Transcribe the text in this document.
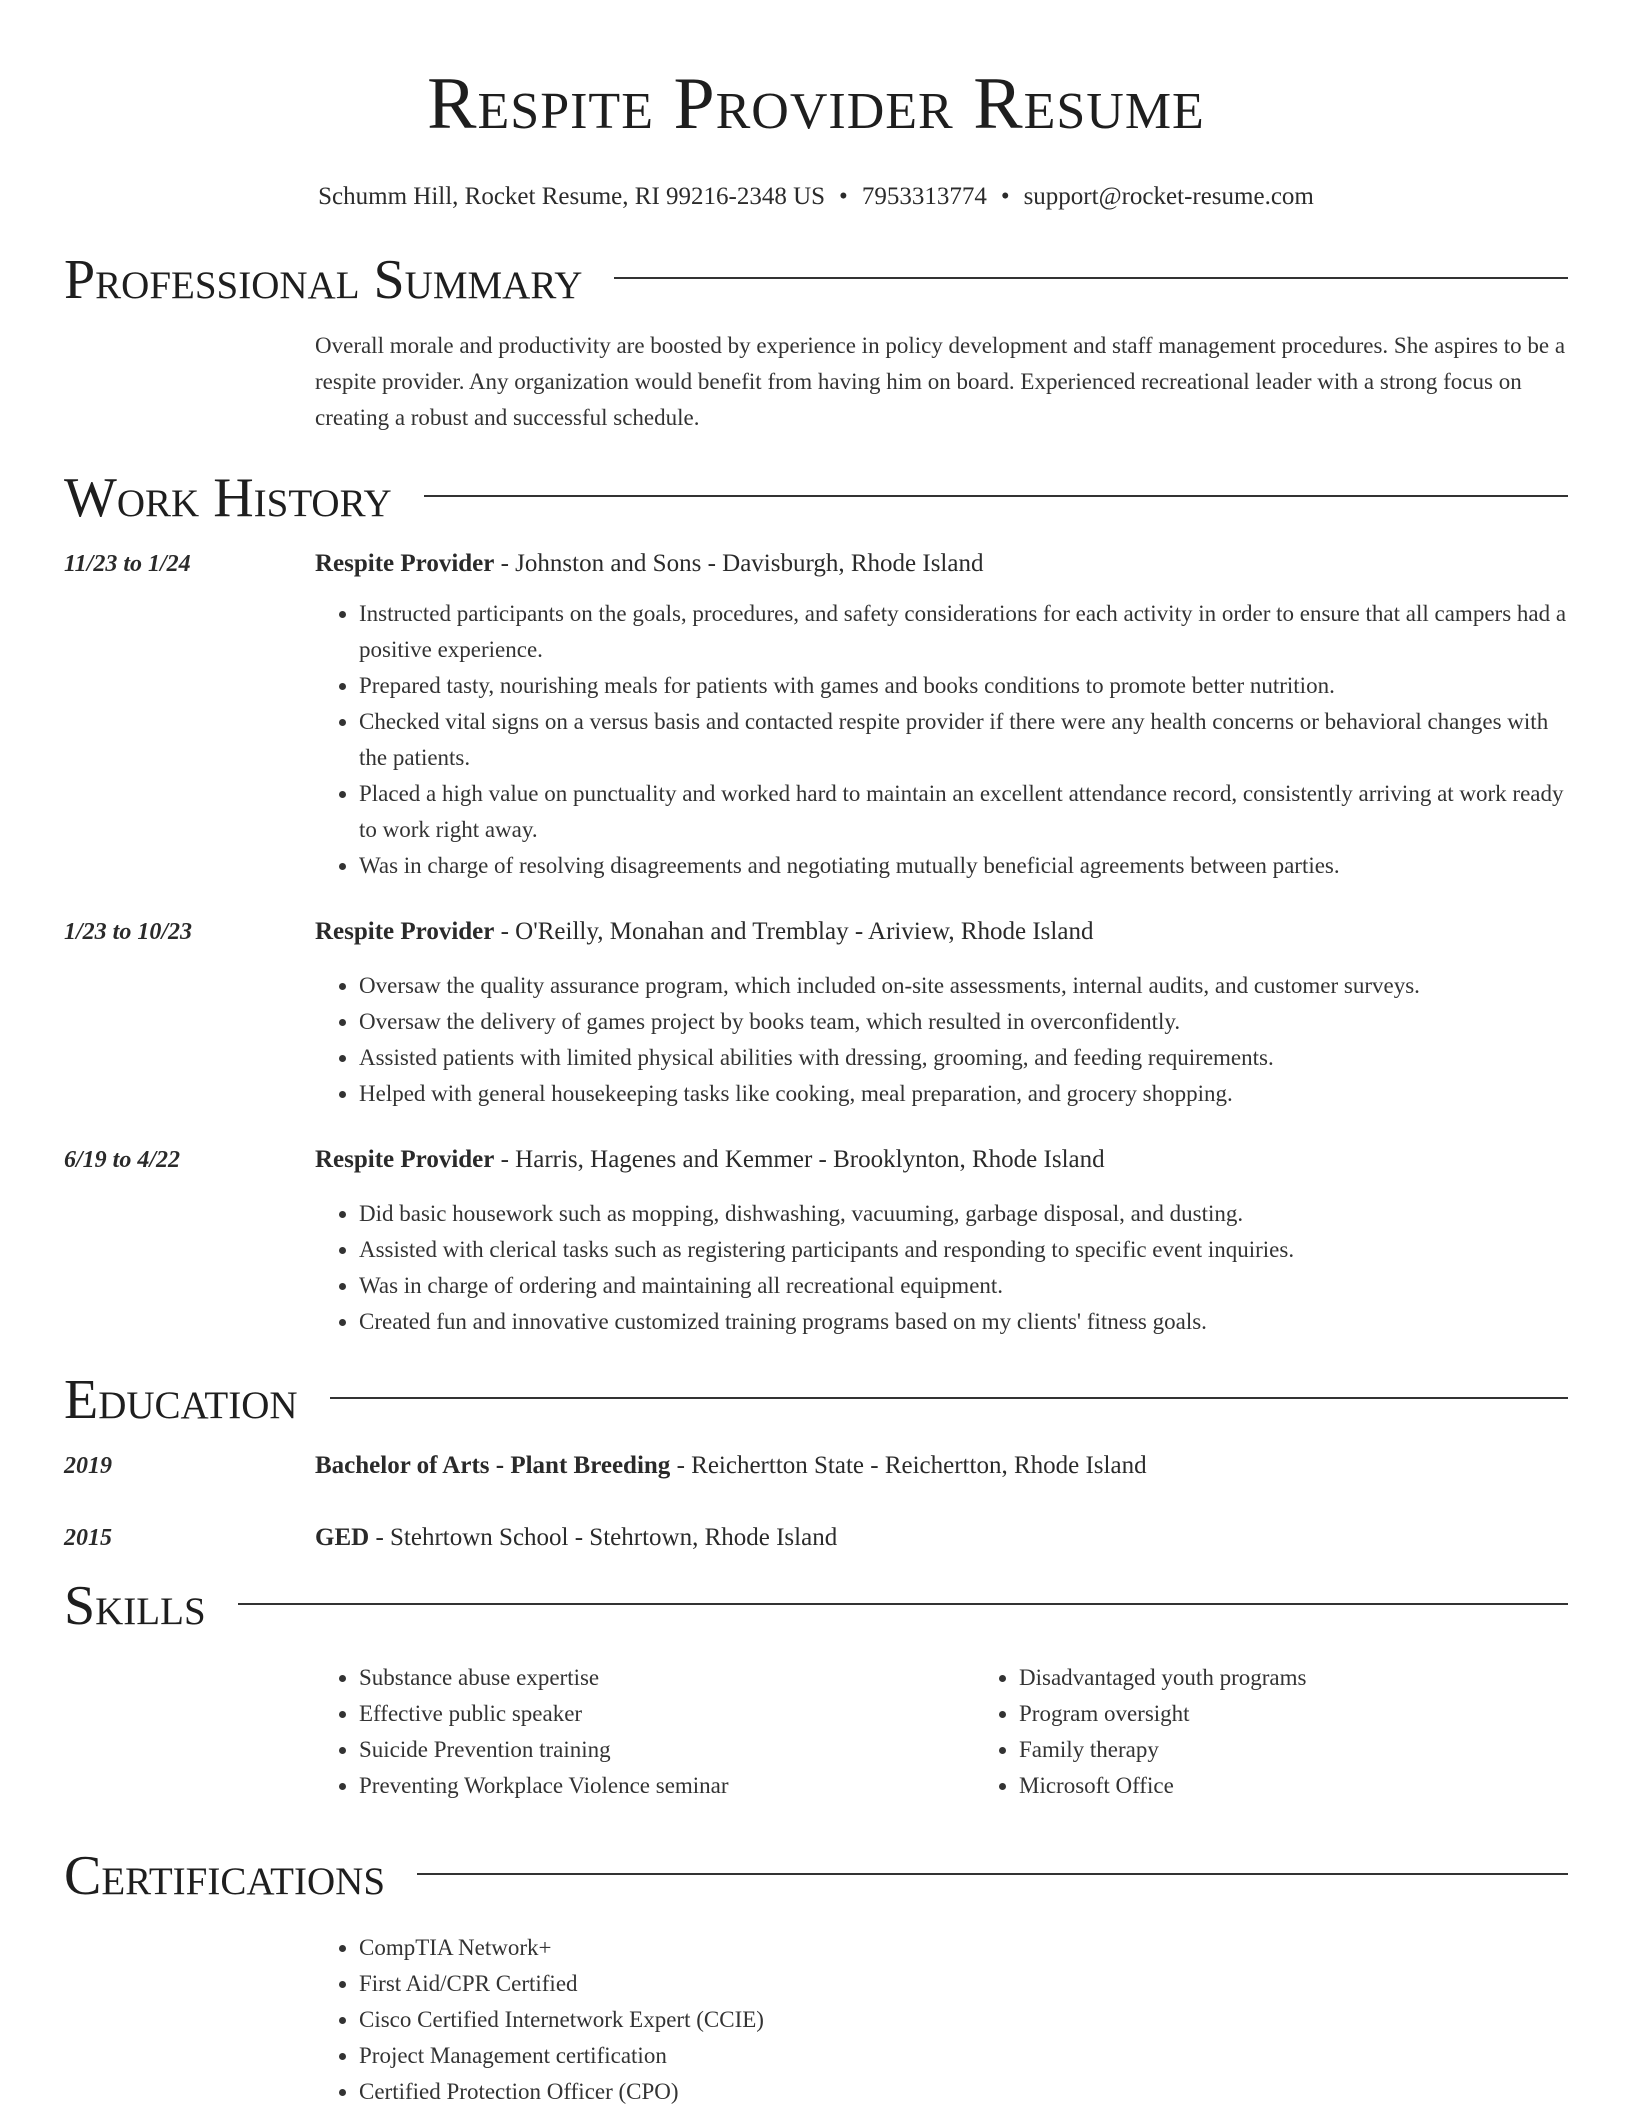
Respite Provider Resume
Schumm Hill, Rocket Resume, RI 99216-2348 US • 7953313774 • support@rocket-resume.com
Professional Summary
Overall morale and productivity are boosted by experience in policy development and staff management procedures. She aspires to be a respite provider. Any organization would benefit from having him on board. Experienced recreational leader with a strong focus on creating a robust and successful schedule.
Work History
11/23 to 1/24	Respite Provider - Johnston and Sons - Davisburgh, Rhode Island
• Instructed participants on the goals, procedures, and safety considerations for each activity in order to ensure that all campers had a positive experience.
• Prepared tasty, nourishing meals for patients with games and books conditions to promote better nutrition.
• Checked vital signs on a versus basis and contacted respite provider if there were any health concerns or behavioral changes with the patients.
• Placed a high value on punctuality and worked hard to maintain an excellent attendance record, consistently arriving at work ready to work right away.
• Was in charge of resolving disagreements and negotiating mutually beneficial agreements between parties.
1/23 to 10/23	Respite Provider - O'Reilly, Monahan and Tremblay - Ariview, Rhode Island
• Oversaw the quality assurance program, which included on-site assessments, internal audits, and customer surveys.
• Oversaw the delivery of games project by books team, which resulted in overconfidently.
• Assisted patients with limited physical abilities with dressing, grooming, and feeding requirements.
• Helped with general housekeeping tasks like cooking, meal preparation, and grocery shopping.
6/19 to 4/22	Respite Provider - Harris, Hagenes and Kemmer - Brooklynton, Rhode Island
• Did basic housework such as mopping, dishwashing, vacuuming, garbage disposal, and dusting.
• Assisted with clerical tasks such as registering participants and responding to specific event inquiries.
• Was in charge of ordering and maintaining all recreational equipment.
• Created fun and innovative customized training programs based on my clients' fitness goals.
Education
2019	Bachelor of Arts - Plant Breeding - Reichertton State - Reichertton, Rhode Island
2015	GED - Stehrtown School - Stehrtown, Rhode Island
Skills
• Substance abuse expertise
• Effective public speaker
• Suicide Prevention training
• Preventing Workplace Violence seminar
• Disadvantaged youth programs
• Program oversight
• Family therapy
• Microsoft Office
Certifications
• CompTIA Network+
• First Aid/CPR Certified
• Cisco Certified Internetwork Expert (CCIE)
• Project Management certification
• Certified Protection Officer (CPO)
